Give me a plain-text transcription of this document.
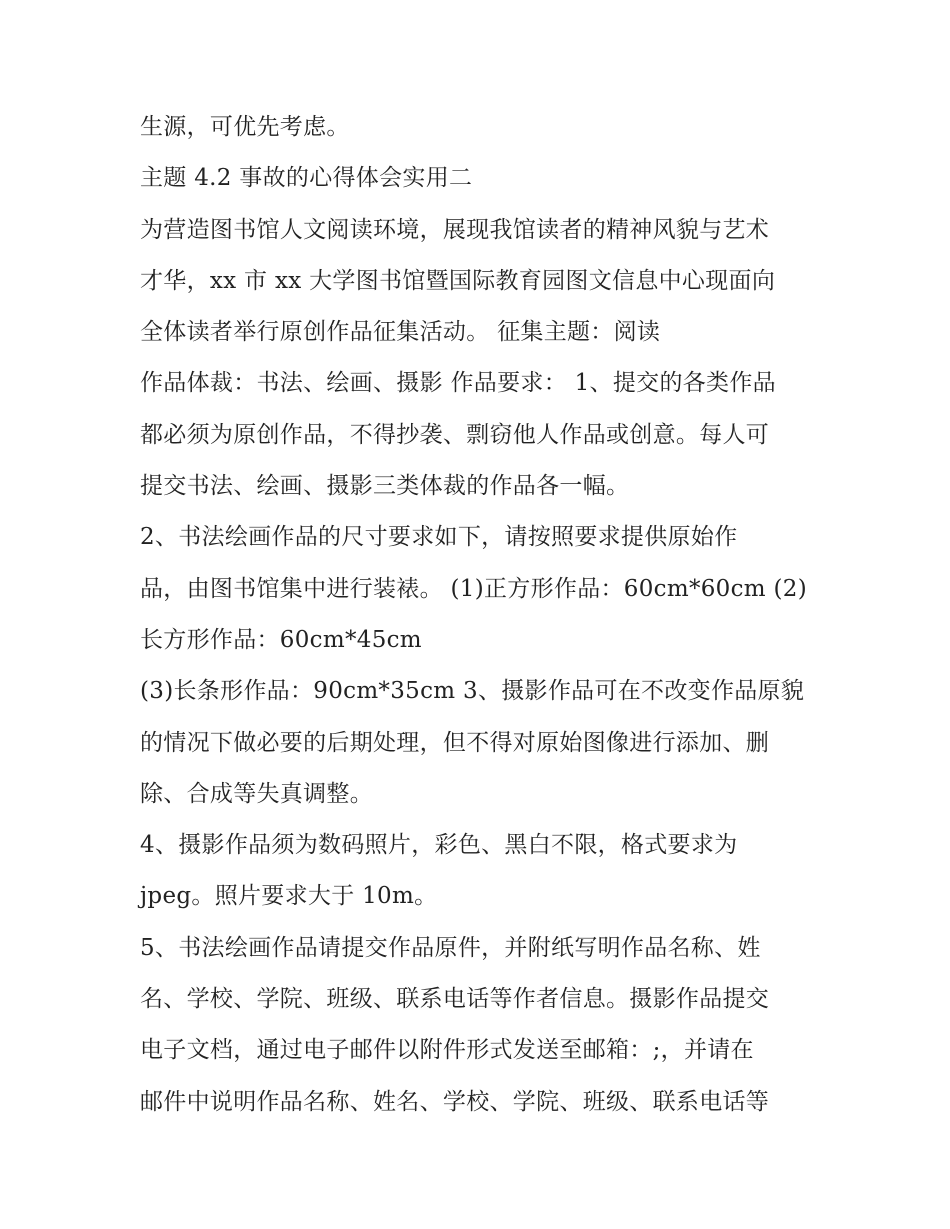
生源，可优先考虑。
主题 4.2 事故的心得体会实用二
为营造图书馆人文阅读环境，展现我馆读者的精神风貌与艺术
才华，xx 市 xx 大学图书馆暨国际教育园图文信息中心现面向
全体读者举行原创作品征集活动。 征集主题：阅读
作品体裁：书法、绘画、摄影 作品要求： 1、提交的各类作品
都必须为原创作品，不得抄袭、剽窃他人作品或创意。每人可
提交书法、绘画、摄影三类体裁的作品各一幅。
2、书法绘画作品的尺寸要求如下，请按照要求提供原始作
品，由图书馆集中进行装裱。 (1)正方形作品：60cm*60cm (2)
长方形作品：60cm*45cm
(3)长条形作品：90cm*35cm 3、摄影作品可在不改变作品原貌
的情况下做必要的后期处理，但不得对原始图像进行添加、删
除、合成等失真调整。
4、摄影作品须为数码照片，彩色、黑白不限，格式要求为
jpeg。照片要求大于 10m。
5、书法绘画作品请提交作品原件，并附纸写明作品名称、姓
名、学校、学院、班级、联系电话等作者信息。摄影作品提交
电子文档，通过电子邮件以附件形式发送至邮箱：;，并请在
邮件中说明作品名称、姓名、学校、学院、班级、联系电话等
